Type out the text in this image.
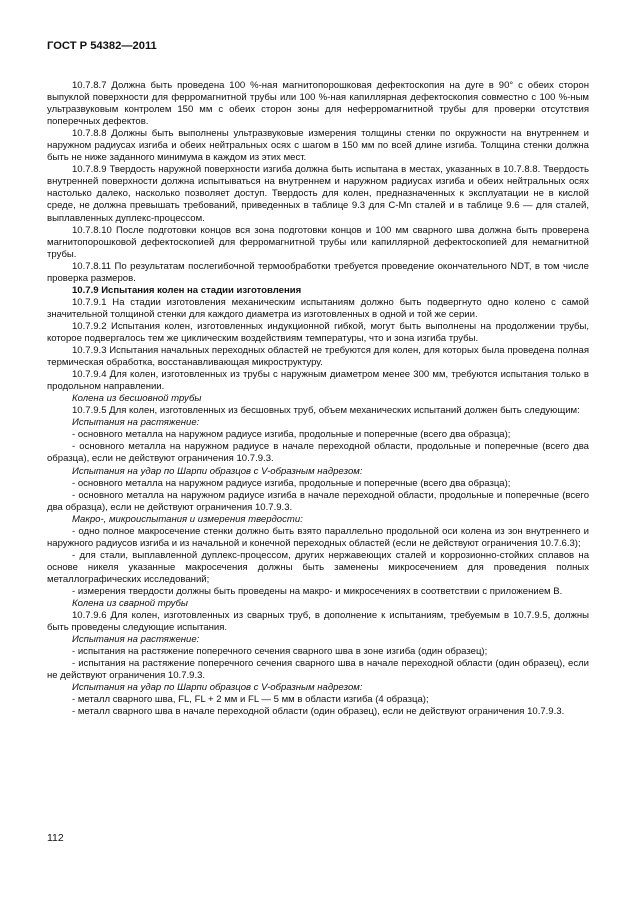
ГОСТ Р 54382—2011

10.7.8.7 Должна быть проведена 100 %-ная магнитопорошковая дефектоскопия на дуге в 90° с обеих сторон выпуклой поверхности для ферромагнитной трубы или 100 %-ная капиллярная дефектоскопия совместно с 100 %-ным ультразвуковым контролем 150 мм с обеих сторон зоны для неферромагнитной трубы для проверки отсутствия поперечных дефектов.

10.7.8.8 Должны быть выполнены ультразвуковые измерения толщины стенки по окружности на внутреннем и наружном радиусах изгиба и обеих нейтральных осях с шагом в 150 мм по всей длине изгиба. Толщина стенки должна быть не ниже заданного минимума в каждом из этих мест.

10.7.8.9 Твердость наружной поверхности изгиба должна быть испытана в местах, указанных в 10.7.8.8. Твердость внутренней поверхности должна испытываться на внутреннем и наружном радиусах изгиба и обеих нейтральных осях настолько далеко, насколько позволяет доступ. Твердость для колен, предназначенных к эксплуатации не в кислой среде, не должна превышать требований, приведенных в таблице 9.3 для C-Mn сталей и в таблице 9.6 — для сталей, выплавленных дуплекс-процессом.

10.7.8.10 После подготовки концов вся зона подготовки концов и 100 мм сварного шва должна быть проверена магнитопорошковой дефектоскопией для ферромагнитной трубы или капиллярной дефектоскопией для немагнитной трубы.

10.7.8.11 По результатам послегибочной термообработки требуется проведение окончательного NDT, в том числе проверка размеров.

10.7.9 Испытания колен на стадии изготовления

10.7.9.1 На стадии изготовления механическим испытаниям должно быть подвергнуто одно колено с самой значительной толщиной стенки для каждого диаметра из изготовленных в одной и той же серии.

10.7.9.2 Испытания колен, изготовленных индукционной гибкой, могут быть выполнены на продолжении трубы, которое подвергалось тем же циклическим воздействиям температуры, что и зона изгиба трубы.

10.7.9.3 Испытания начальных переходных областей не требуются для колен, для которых была проведена полная термическая обработка, восстанавливающая микроструктуру.

10.7.9.4 Для колен, изготовленных из трубы с наружным диаметром менее 300 мм, требуются испытания только в продольном направлении.

Колена из бесшовной трубы

10.7.9.5 Для колен, изготовленных из бесшовных труб, объем механических испытаний должен быть следующим:

Испытания на растяжение:

- основного металла на наружном радиусе изгиба, продольные и поперечные (всего два образца);

- основного металла на наружном радиусе в начале переходной области, продольные и поперечные (всего два образца), если не действуют ограничения 10.7.9.3.

Испытания на удар по Шарпи образцов с V-образным надрезом:

- основного металла на наружном радиусе изгиба, продольные и поперечные (всего два образца);

- основного металла на наружном радиусе изгиба в начале переходной области, продольные и поперечные (всего два образца), если не действуют ограничения 10.7.9.3.

Макро-, микроиспытания и измерения твердости:

- одно полное макросечение стенки должно быть взято параллельно продольной оси колена из зон внутреннего и наружного радиусов изгиба и из начальной и конечной переходных областей (если не действуют ограничения 10.7.6.3);

- для стали, выплавленной дуплекс-процессом, других нержавеющих сталей и коррозионно-стойких сплавов на основе никеля указанные макросечения должны быть заменены микросечением для проведения полных металлографических исследований;

- измерения твердости должны быть проведены на макро- и микросечениях в соответствии с приложением В.

Колена из сварной трубы

10.7.9.6 Для колен, изготовленных из сварных труб, в дополнение к испытаниям, требуемым в 10.7.9.5, должны быть проведены следующие испытания.

Испытания на растяжение:

- испытания на растяжение поперечного сечения сварного шва в зоне изгиба (один образец);

- испытания на растяжение поперечного сечения сварного шва в начале переходной области (один образец), если не действуют ограничения 10.7.9.3.

Испытания на удар по Шарпи образцов с V-образным надрезом:

- металл сварного шва, FL, FL + 2 мм и FL — 5 мм в области изгиба (4 образца);

- металл сварного шва в начале переходной области (один образец), если не действуют ограничения 10.7.9.3.

112
